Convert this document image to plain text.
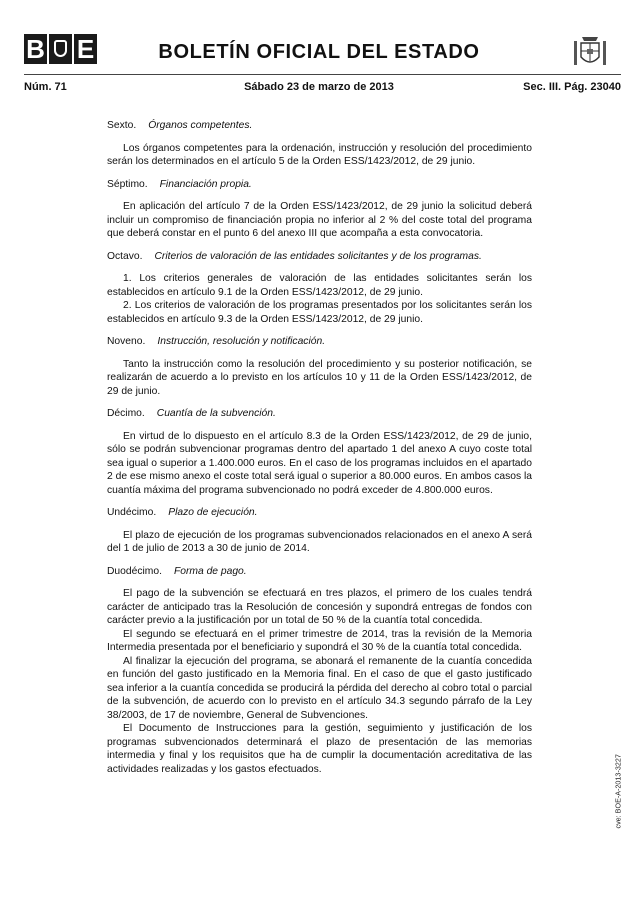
B E	BOLETÍN OFICIAL DEL ESTADO
Núm. 71	Sábado 23 de marzo de 2013	Sec. III. Pág. 23040

Sexto. Órganos competentes.

Los órganos competentes para la ordenación, instrucción y resolución del procedimiento serán los determinados en el artículo 5 de la Orden ESS/1423/2012, de 29 junio.

Séptimo. Financiación propia.

En aplicación del artículo 7 de la Orden ESS/1423/2012, de 29 junio la solicitud deberá incluir un compromiso de financiación propia no inferior al 2 % del coste total del programa que deberá constar en el punto 6 del anexo III que acompaña a esta convocatoria.

Octavo. Criterios de valoración de las entidades solicitantes y de los programas.

1. Los criterios generales de valoración de las entidades solicitantes serán los establecidos en artículo 9.1 de la Orden ESS/1423/2012, de 29 junio.

2. Los criterios de valoración de los programas presentados por los solicitantes serán los establecidos en artículo 9.3 de la Orden ESS/1423/2012, de 29 junio.

Noveno. Instrucción, resolución y notificación.

Tanto la instrucción como la resolución del procedimiento y su posterior notificación, se realizarán de acuerdo a lo previsto en los artículos 10 y 11 de la Orden ESS/1423/2012, de 29 de junio.

Décimo. Cuantía de la subvención.

En virtud de lo dispuesto en el artículo 8.3 de la Orden ESS/1423/2012, de 29 de junio, sólo se podrán subvencionar programas dentro del apartado 1 del anexo A cuyo coste total sea igual o superior a 1.400.000 euros. En el caso de los programas incluidos en el apartado 2 de ese mismo anexo el coste total será igual o superior a 80.000 euros. En ambos casos la cuantía máxima del programa subvencionado no podrá exceder de 4.800.000 euros.

Undécimo. Plazo de ejecución.

El plazo de ejecución de los programas subvencionados relacionados en el anexo A será del 1 de julio de 2013 a 30 de junio de 2014.

Duodécimo. Forma de pago.

El pago de la subvención se efectuará en tres plazos, el primero de los cuales tendrá carácter de anticipado tras la Resolución de concesión y supondrá entregas de fondos con carácter previo a la justificación por un total de 50 % de la cuantía total concedida.

El segundo se efectuará en el primer trimestre de 2014, tras la revisión de la Memoria Intermedia presentada por el beneficiario y supondrá el 30 % de la cuantía total concedida.

Al finalizar la ejecución del programa, se abonará el remanente de la cuantía concedida en función del gasto justificado en la Memoria final. En el caso de que el gasto justificado sea inferior a la cuantía concedida se producirá la pérdida del derecho al cobro total o parcial de la subvención, de acuerdo con lo previsto en el artículo 34.3 segundo párrafo de la Ley 38/2003, de 17 de noviembre, General de Subvenciones.

El Documento de Instrucciones para la gestión, seguimiento y justificación de los programas subvencionados determinará el plazo de presentación de las memorias intermedia y final y los requisitos que ha de cumplir la documentación acreditativa de las actividades realizadas y los gastos efectuados.	cve: BOE-A-2013-3227
